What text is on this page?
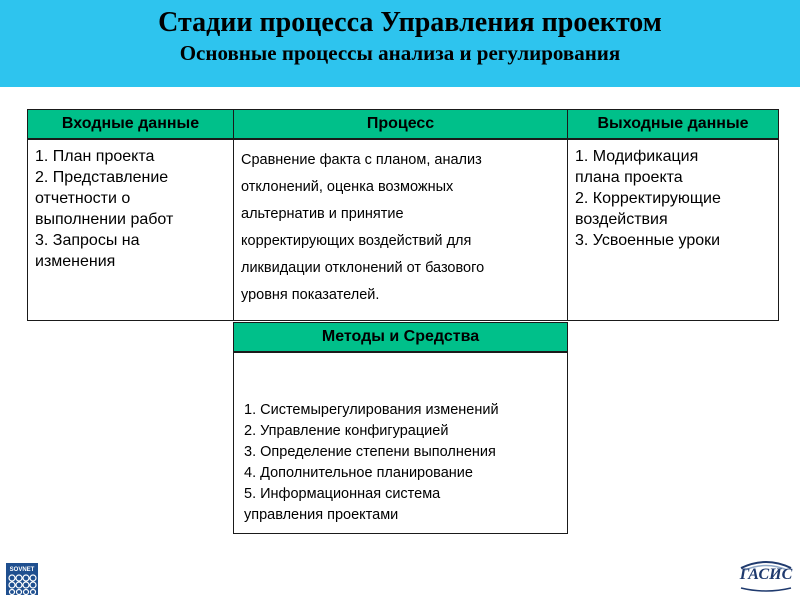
Стадии процесса Управления проектом
Основные процессы анализа и регулирования
Входные данные
1. План проекта
2. Представление
отчетности о
выполнении работ
3. Запросы на
изменения
Процесс
Сравнение факта с планом, анализ
отклонений, оценка возможных
альтернатив и принятие
корректирующих воздействий для
ликвидации отклонений от базового
уровня показателей.
Выходные данные
1. Модификация
плана проекта
2. Корректирующие
воздействия
3. Усвоенные уроки
Методы и Средства
1. Системырегулирования изменений
2. Управление конфигурацией
3. Определение степени выполнения
4. Дополнительное планирование
5. Информационная система
управления проектами
SOVNET	ГАСИС
